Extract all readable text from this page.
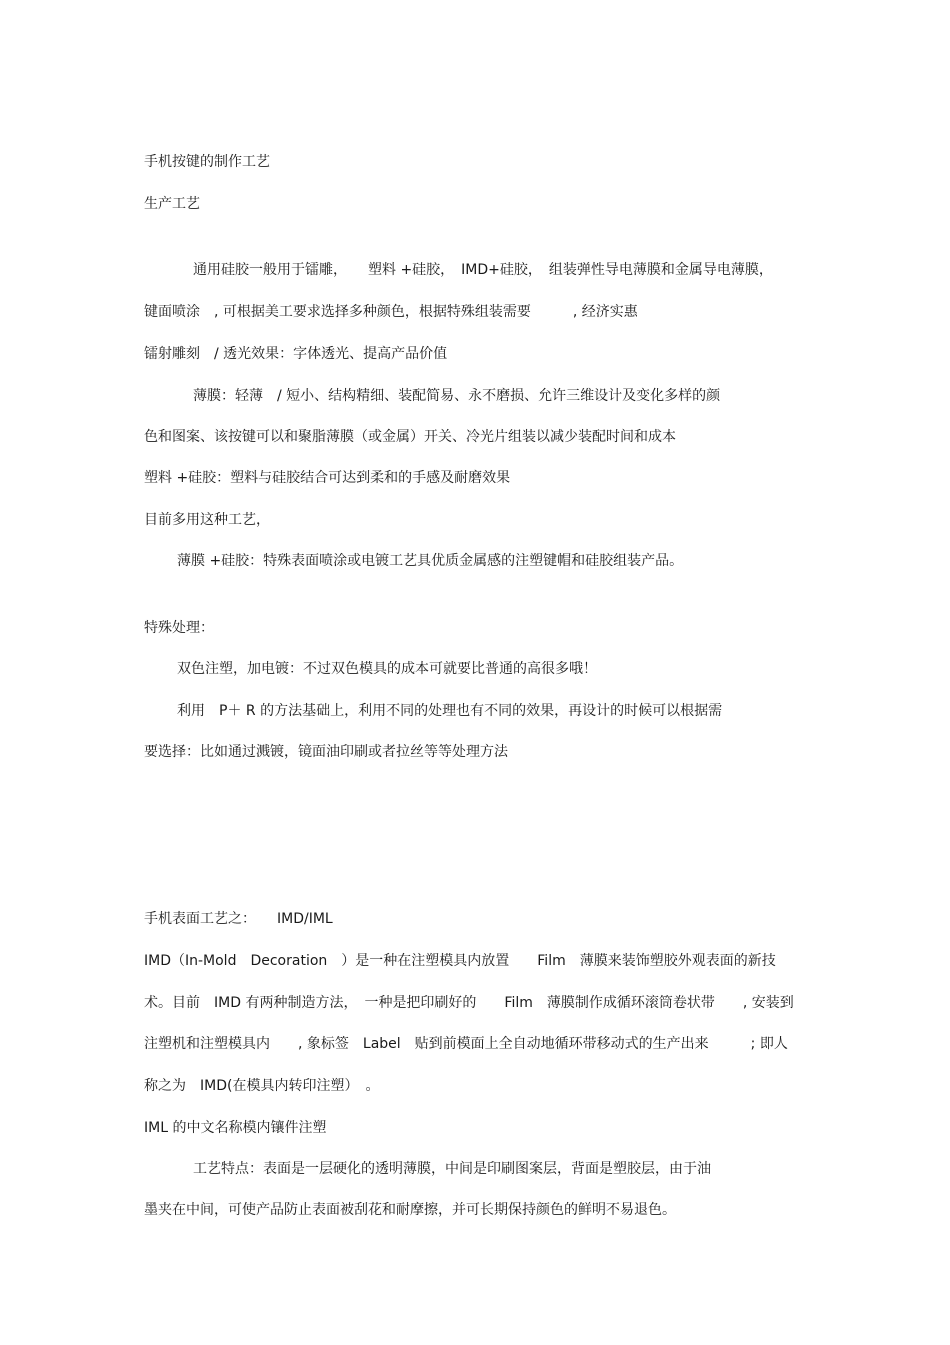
手机按键的制作工艺
生产工艺
通用硅胶一般用于镭雕，　　塑料 +硅胶，　IMD+硅胶，　组装弹性导电薄膜和金属导电薄膜，
键面喷涂　, 可根据美工要求选择多种颜色，根据特殊组装需要　　　, 经济实惠
镭射雕刻　/ 透光效果：字体透光、提高产品价值
薄膜：轻薄　/ 短小、结构精细、装配简易、永不磨损、允许三维设计及变化多样的颜
色和图案、该按键可以和聚脂薄膜（或金属）开关、冷光片组装以减少装配时间和成本
塑料 +硅胶：塑料与硅胶结合可达到柔和的手感及耐磨效果
目前多用这种工艺，
薄膜 +硅胶：特殊表面喷涂或电镀工艺具优质金属感的注塑键帽和硅胶组装产品。
特殊处理：
双色注塑，加电镀：不过双色模具的成本可就要比普通的高很多哦！
利用　P＋ R 的方法基础上，利用不同的处理也有不同的效果，再设计的时候可以根据需
要选择：比如通过溅镀，镜面油印刷或者拉丝等等处理方法
手机表面工艺之：　　IMD/IML
IMD（In-Mold　Decoration　）是一种在注塑模具内放置　　Film　薄膜来装饰塑胶外观表面的新技
术。目前　IMD 有两种制造方法，　一种是把印刷好的　　Film　薄膜制作成循环滚筒卷状带　　, 安装到
注塑机和注塑模具内　　, 象标签　Label　贴到前模面上全自动地循环带移动式的生产出来　　　; 即人
称之为　IMD(在模具内转印注塑）　。
IML 的中文名称模内镶件注塑
工艺特点：表面是一层硬化的透明薄膜，中间是印刷图案层，背面是塑胶层，由于油
墨夹在中间，可使产品防止表面被刮花和耐摩擦，并可长期保持颜色的鲜明不易退色。
